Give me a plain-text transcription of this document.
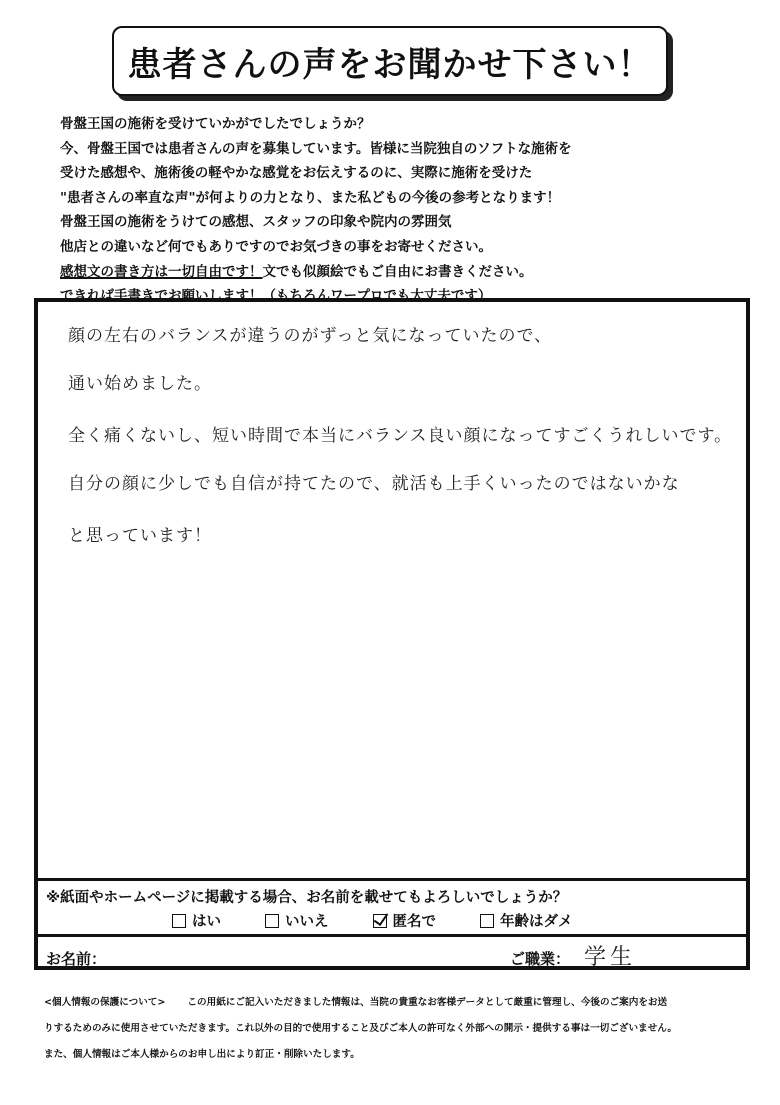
患者さんの声をお聞かせ下さい！
骨盤王国の施術を受けていかがでしたでしょうか？
今、骨盤王国では患者さんの声を募集しています。皆様に当院独自のソフトな施術を
受けた感想や、施術後の軽やかな感覚をお伝えするのに、実際に施術を受けた
"患者さんの率直な声"が何よりの力となり、また私どもの今後の参考となります！
骨盤王国の施術をうけての感想、スタッフの印象や院内の雰囲気
他店との違いなど何でもありですのでお気づきの事をお寄せください。
感想文の書き方は一切自由です！文でも似顔絵でもご自由にお書きください。
できれば手書きでお願いします！（もちろんワープロでも大丈夫です）
顔の左右のバランスが違うのがずっと気になっていたので、
通い始めました。
全く痛くないし、短い時間で本当にバランス良い顔になってすごくうれしいです。
自分の顔に少しでも自信が持てたので、就活も上手くいったのではないかな
と思っています！
※紙面やホームページに掲載する場合、お名前を載せてもよろしいでしょうか？
はい	いいえ	匿名で	年齢はダメ
お名前：	ご職業： 学生
<個人情報の保護について> この用紙にご記入いただきました情報は、当院の貴重なお客様データとして厳重に管理し、今後のご案内をお送
りするためのみに使用させていただきます。これ以外の目的で使用すること及びご本人の許可なく外部への開示・提供する事は一切ございません。
また、個人情報はご本人様からのお申し出により訂正・削除いたします。
